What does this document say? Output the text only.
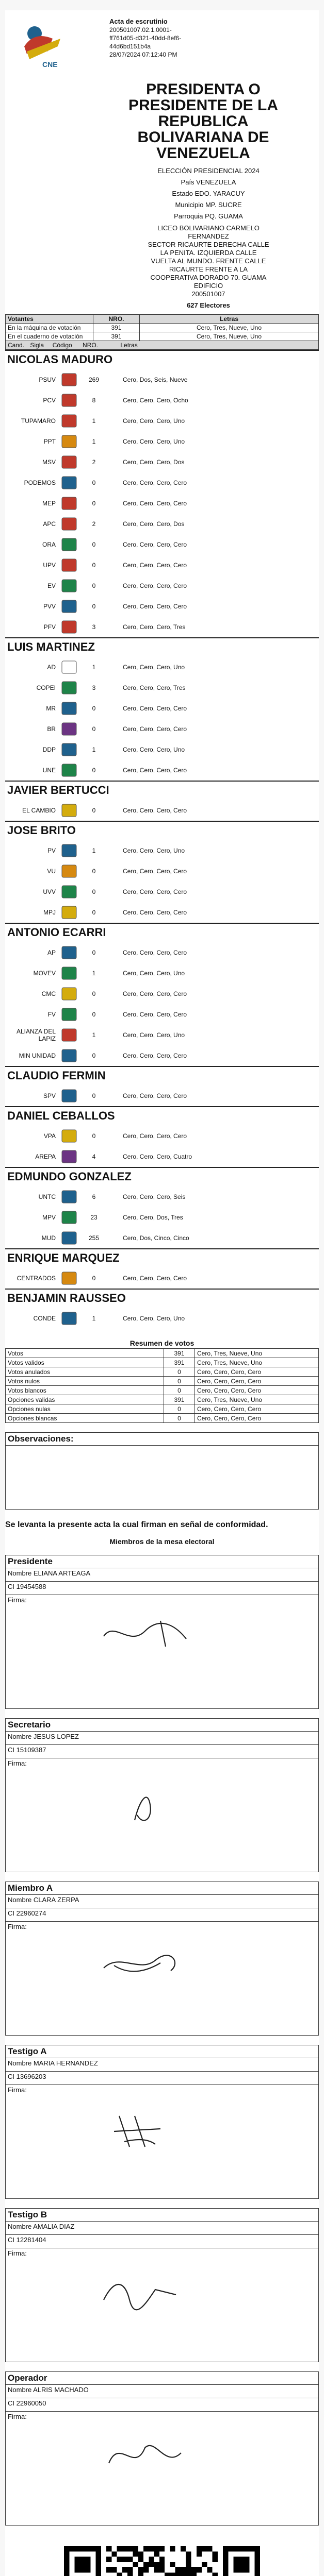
CNE
Acta de escrutinio
200501007.02.1.0001-
ff761d05-d321-40dd-8ef6-
44d6bd151b4a
28/07/2024 07:12:40 PM
PRESIDENTA O
PRESIDENTE DE LA
REPUBLICA
BOLIVARIANA DE
VENEZUELA
ELECCIÓN PRESIDENCIAL 2024
País VENEZUELA
Estado EDO. YARACUY
Municipio MP. SUCRE
Parroquia PQ. GUAMA
LICEO BOLIVARIANO CARMELO
FERNANDEZ
SECTOR RICAURTE DERECHA CALLE
LA PENITA. IZQUIERDA CALLE
VUELTA AL MUNDO. FRENTE CALLE
RICAURTE FRENTE A LA
COOPERATIVA DORADO 70. GUAMA
EDIFICIO
200501007
627 Electores
Votantes	NRO.	Letras
En la máquina de votación	391	Cero, Tres, Nueve, Uno
En el cuaderno de votación	391	Cero, Tres, Nueve, Uno
Cand. Sigla Código NRO. Letras		
NICOLAS MADURO
PSUV	269	Cero, Dos, Seis, Nueve
PCV	8	Cero, Cero, Cero, Ocho
TUPAMARO	1	Cero, Cero, Cero, Uno
PPT	1	Cero, Cero, Cero, Uno
MSV	2	Cero, Cero, Cero, Dos
PODEMOS	0	Cero, Cero, Cero, Cero
MEP	0	Cero, Cero, Cero, Cero
APC	2	Cero, Cero, Cero, Dos
ORA	0	Cero, Cero, Cero, Cero
UPV	0	Cero, Cero, Cero, Cero
EV	0	Cero, Cero, Cero, Cero
PVV	0	Cero, Cero, Cero, Cero
PFV	3	Cero, Cero, Cero, Tres
LUIS MARTINEZ
AD	1	Cero, Cero, Cero, Uno
COPEI	3	Cero, Cero, Cero, Tres
MR	0	Cero, Cero, Cero, Cero
BR	0	Cero, Cero, Cero, Cero
DDP	1	Cero, Cero, Cero, Uno
UNE	0	Cero, Cero, Cero, Cero
JAVIER BERTUCCI
EL CAMBIO	0	Cero, Cero, Cero, Cero
JOSE BRITO
PV	1	Cero, Cero, Cero, Uno
VU	0	Cero, Cero, Cero, Cero
UVV	0	Cero, Cero, Cero, Cero
MPJ	0	Cero, Cero, Cero, Cero
ANTONIO ECARRI
AP	0	Cero, Cero, Cero, Cero
MOVEV	1	Cero, Cero, Cero, Uno
CMC	0	Cero, Cero, Cero, Cero
FV	0	Cero, Cero, Cero, Cero
ALIANZA DEL LAPIZ	1	Cero, Cero, Cero, Uno
MIN UNIDAD	0	Cero, Cero, Cero, Cero
CLAUDIO FERMIN
SPV	0	Cero, Cero, Cero, Cero
DANIEL CEBALLOS
VPA	0	Cero, Cero, Cero, Cero
AREPA	4	Cero, Cero, Cero, Cuatro
EDMUNDO GONZALEZ
UNTC	6	Cero, Cero, Cero, Seis
MPV	23	Cero, Cero, Dos, Tres
MUD	255	Cero, Dos, Cinco, Cinco
ENRIQUE MARQUEZ
CENTRADOS	0	Cero, Cero, Cero, Cero
BENJAMIN RAUSSEO
CONDE	1	Cero, Cero, Cero, Uno
Resumen de votos
Votos	391	Cero, Tres, Nueve, Uno
Votos validos	391	Cero, Tres, Nueve, Uno
Votos anulados	0	Cero, Cero, Cero, Cero
Votos nulos	0	Cero, Cero, Cero, Cero
Votos blancos	0	Cero, Cero, Cero, Cero
Opciones validas	391	Cero, Tres, Nueve, Uno
Opciones nulas	0	Cero, Cero, Cero, Cero
Opciones blancas	0	Cero, Cero, Cero, Cero
Observaciones:
Se levanta la presente acta la cual firman en señal de conformidad.
Miembros de la mesa electoral
Presidente
Nombre ELIANA ARTEAGA
CI 19454588
Firma:
Secretario
Nombre JESUS LOPEZ
CI 15109387
Firma:
Miembro A
Nombre CLARA ZERPA
CI 22960274
Firma:
Testigo A
Nombre MARIA HERNANDEZ
CI 13696203
Firma:
Testigo B
Nombre AMALIA DIAZ
CI 12281404
Firma:
Operador
Nombre ALRIS MACHADO
CI 22960050
Firma:
